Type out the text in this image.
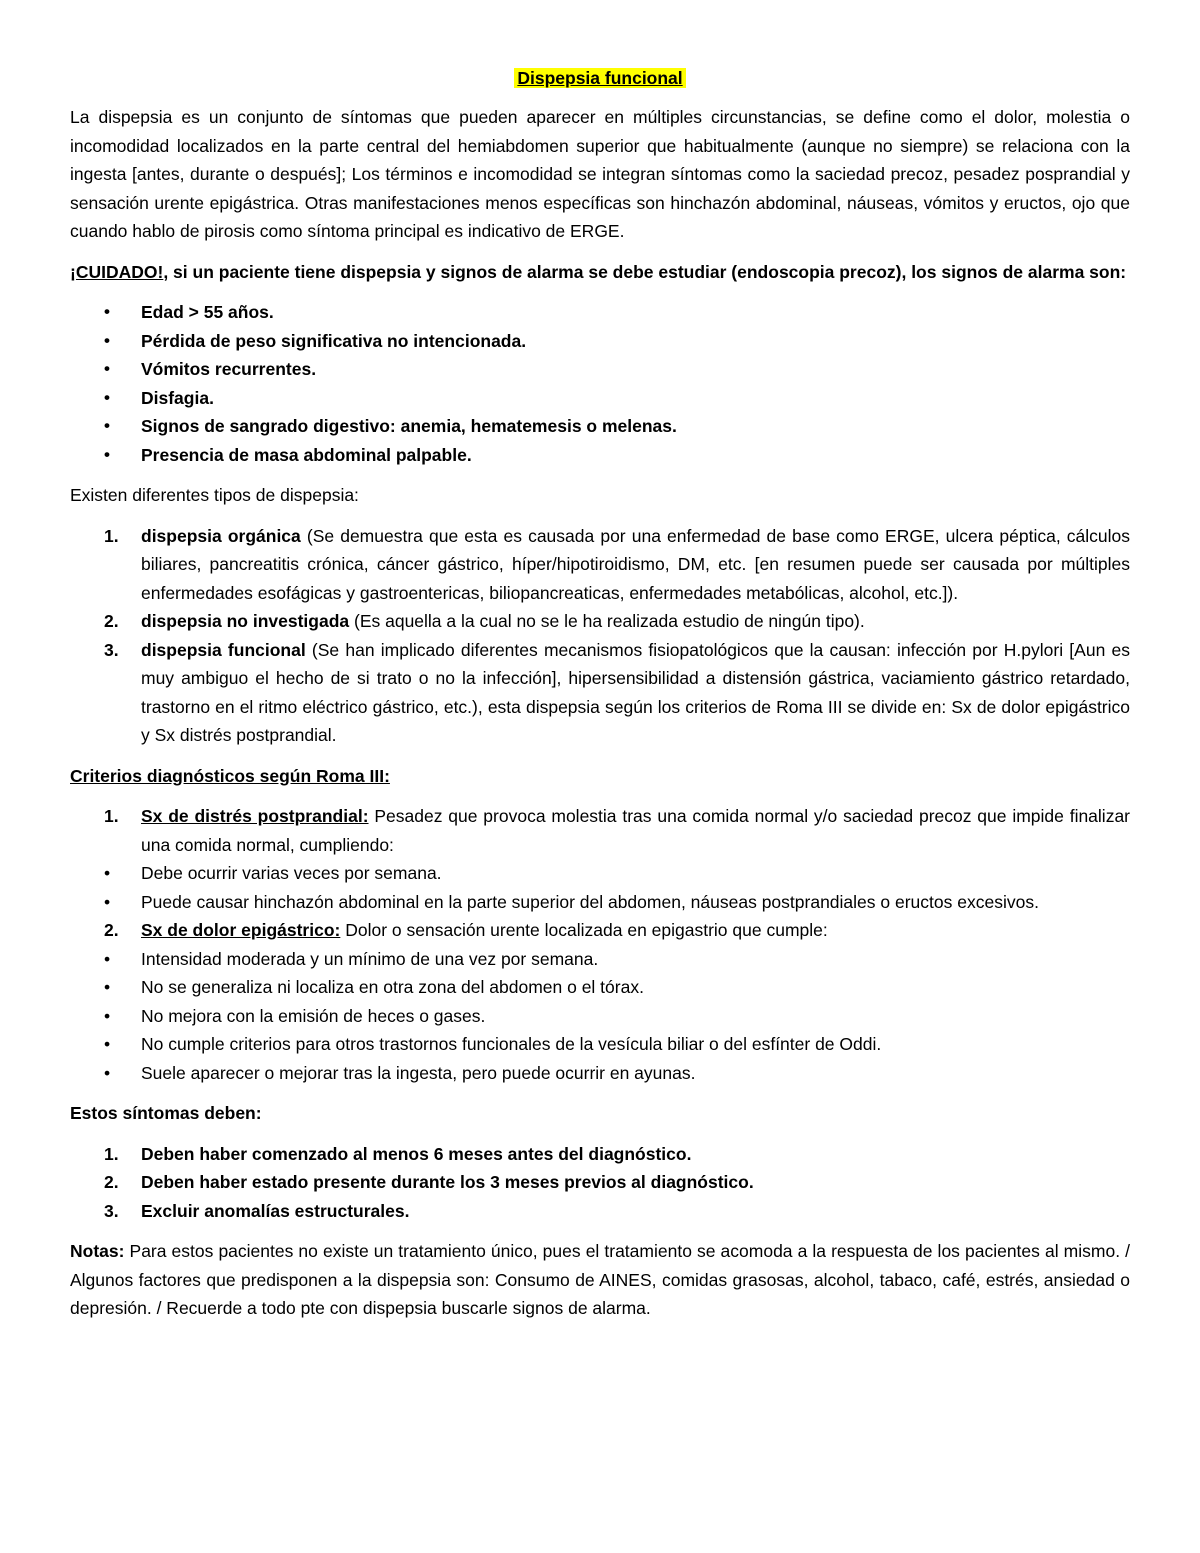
Dispepsia funcional

La dispepsia es un conjunto de síntomas que pueden aparecer en múltiples circunstancias, se define como el dolor, molestia o incomodidad localizados en la parte central del hemiabdomen superior que habitualmente (aunque no siempre) se relaciona con la ingesta [antes, durante o después]; Los términos e incomodidad se integran síntomas como la saciedad precoz, pesadez posprandial y sensación urente epigástrica. Otras manifestaciones menos específicas son hinchazón abdominal, náuseas, vómitos y eructos, ojo que cuando hablo de pirosis como síntoma principal es indicativo de ERGE.

¡CUIDADO!, si un paciente tiene dispepsia y signos de alarma se debe estudiar (endoscopia precoz), los signos de alarma son:

• Edad > 55 años.
• Pérdida de peso significativa no intencionada.
• Vómitos recurrentes.
• Disfagia.
• Signos de sangrado digestivo: anemia, hematemesis o melenas.
• Presencia de masa abdominal palpable.

Existen diferentes tipos de dispepsia:

1. dispepsia orgánica (Se demuestra que esta es causada por una enfermedad de base como ERGE, ulcera péptica, cálculos biliares, pancreatitis crónica, cáncer gástrico, híper/hipotiroidismo, DM, etc. [en resumen puede ser causada por múltiples enfermedades esofágicas y gastroentericas, biliopancreaticas, enfermedades metabólicas, alcohol, etc.]).
2. dispepsia no investigada (Es aquella a la cual no se le ha realizada estudio de ningún tipo).
3. dispepsia funcional (Se han implicado diferentes mecanismos fisiopatológicos que la causan: infección por H.pylori [Aun es muy ambiguo el hecho de si trato o no la infección], hipersensibilidad a distensión gástrica, vaciamiento gástrico retardado, trastorno en el ritmo eléctrico gástrico, etc.), esta dispepsia según los criterios de Roma III se divide en: Sx de dolor epigástrico y Sx distrés postprandial.

Criterios diagnósticos según Roma III:

1. Sx de distrés postprandial: Pesadez que provoca molestia tras una comida normal y/o saciedad precoz que impide finalizar una comida normal, cumpliendo:
• Debe ocurrir varias veces por semana.
• Puede causar hinchazón abdominal en la parte superior del abdomen, náuseas postprandiales o eructos excesivos.
2. Sx de dolor epigástrico: Dolor o sensación urente localizada en epigastrio que cumple:
• Intensidad moderada y un mínimo de una vez por semana.
• No se generaliza ni localiza en otra zona del abdomen o el tórax.
• No mejora con la emisión de heces o gases.
• No cumple criterios para otros trastornos funcionales de la vesícula biliar o del esfínter de Oddi.
• Suele aparecer o mejorar tras la ingesta, pero puede ocurrir en ayunas.

Estos síntomas deben:

1. Deben haber comenzado al menos 6 meses antes del diagnóstico.
2. Deben haber estado presente durante los 3 meses previos al diagnóstico.
3. Excluir anomalías estructurales.

Notas: Para estos pacientes no existe un tratamiento único, pues el tratamiento se acomoda a la respuesta de los pacientes al mismo. / Algunos factores que predisponen a la dispepsia son: Consumo de AINES, comidas grasosas, alcohol, tabaco, café, estrés, ansiedad o depresión. / Recuerde a todo pte con dispepsia buscarle signos de alarma.
